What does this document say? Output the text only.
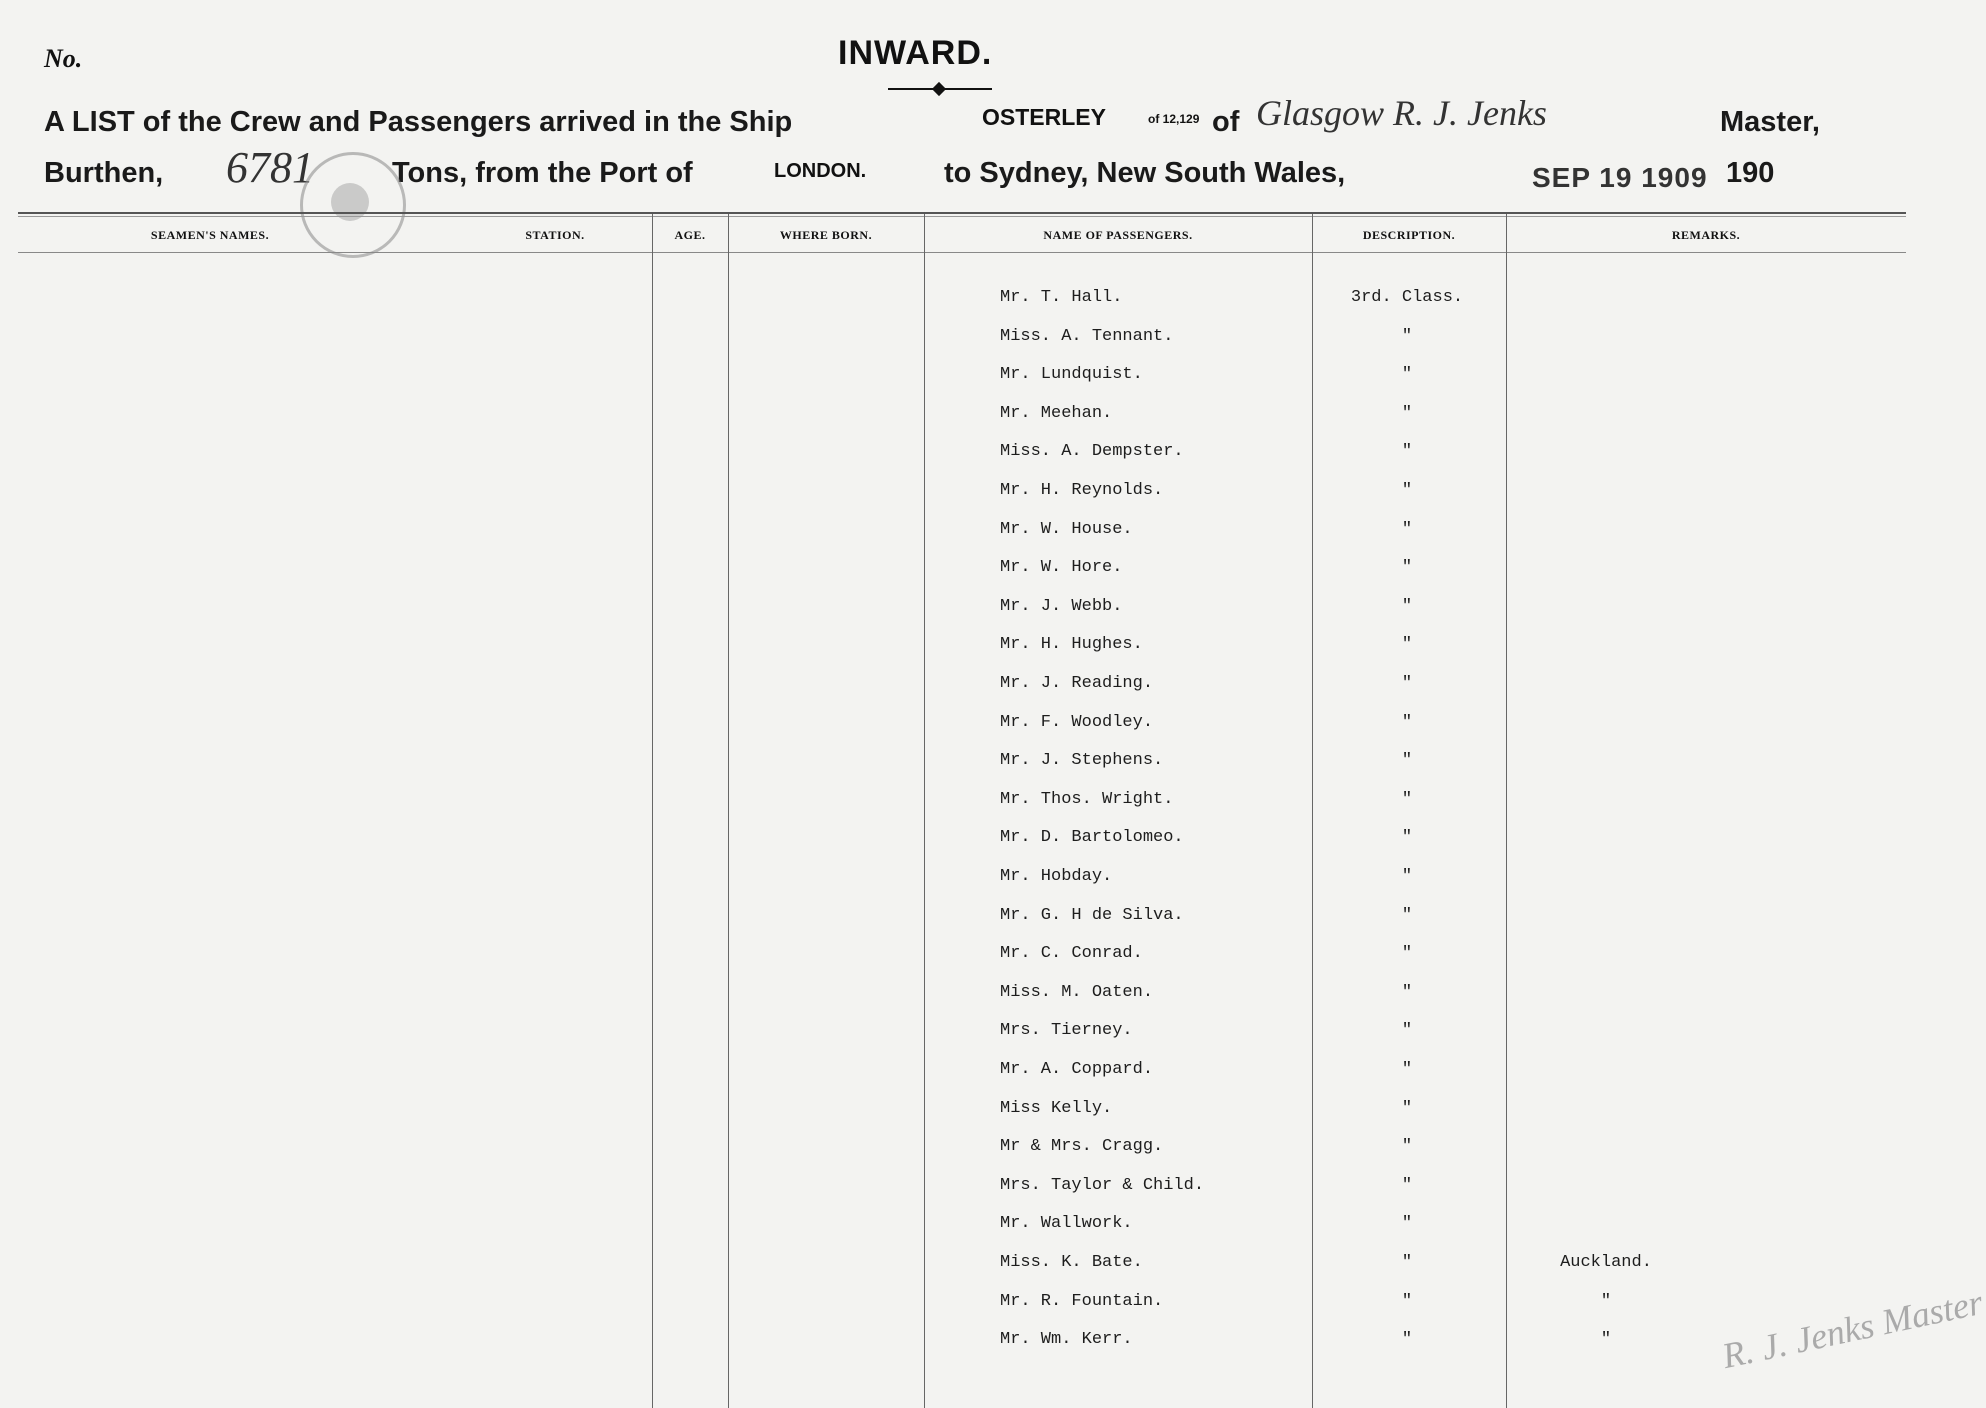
No.	INWARD.
A LIST of the Crew and Passengers arrived in the Ship	OSTERLEY	of 12,129 of Glasgow R. J. Jenks	Master,
Burthen, 6781	Tons, from the Port of	LONDON.	to Sydney, New South Wales,	SEP 19 1909 190
SEAMEN'S NAMES.	STATION.	AGE.	WHERE BORN.	NAME OF PASSENGERS.	DESCRIPTION.	REMARKS.
Mr. T. Hall.	3rd. Class.
Miss. A. Tennant.	"
Mr. Lundquist.	"
Mr. Meehan.	"
Miss. A. Dempster.	"
Mr. H. Reynolds.	"
Mr. W. House.	"
Mr. W. Hore.	"
Mr. J. Webb.	"
Mr. H. Hughes.	"
Mr. J. Reading.	"
Mr. F. Woodley.	"
Mr. J. Stephens.	"
Mr. Thos. Wright.	"
Mr. D. Bartolomeo.	"
Mr. Hobday.	"
Mr. G. H de Silva.	"
Mr. C. Conrad.	"
Miss. M. Oaten.	"
Mrs. Tierney.	"
Mr. A. Coppard.	"
Miss Kelly.	"
Mr & Mrs. Cragg.	"
Mrs. Taylor & Child.	"
Mr. Wallwork.	"
Miss. K. Bate.	"	Auckland.
Mr. R. Fountain.	"	"
Mr. Wm. Kerr.	"	"	R. J. Jenks Master
